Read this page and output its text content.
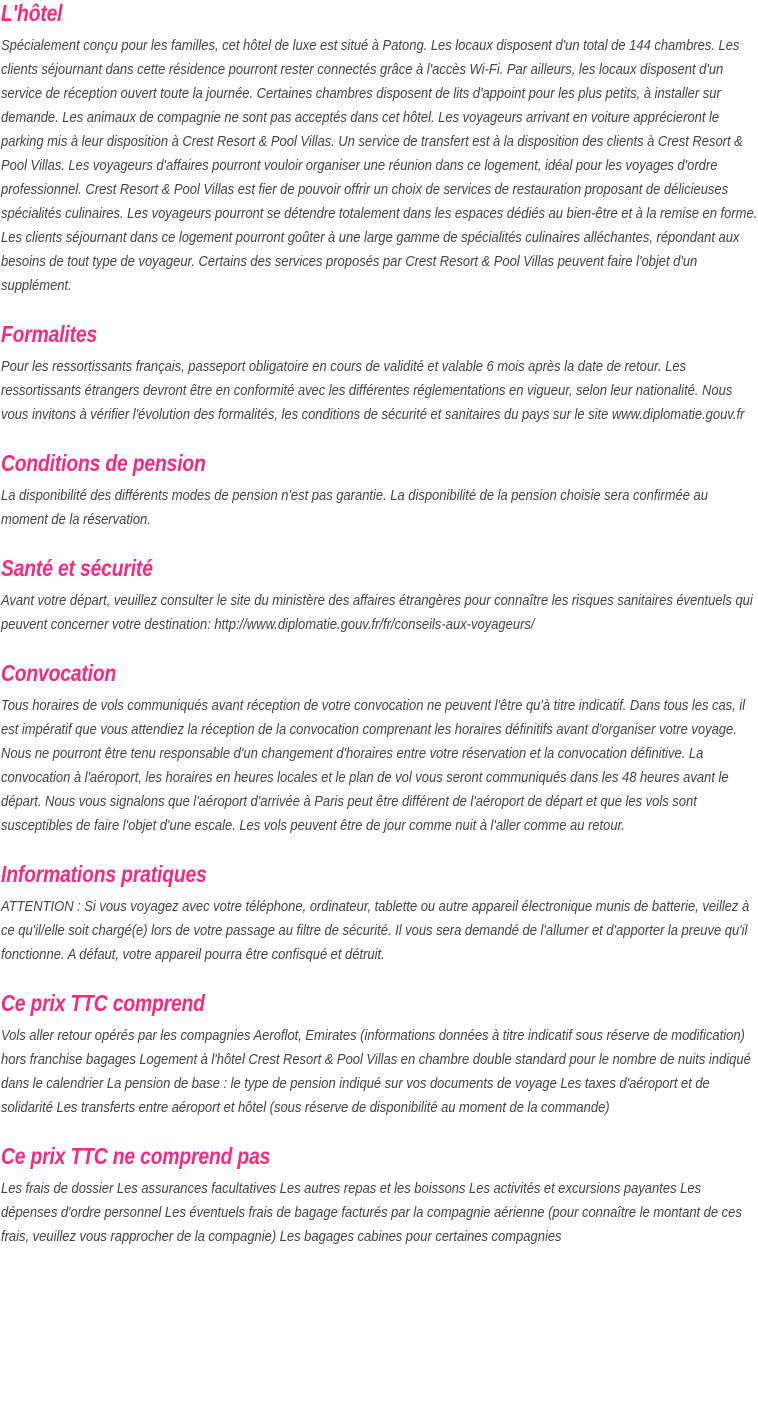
L'hôtel

Spécialement conçu pour les familles, cet hôtel de luxe est situé à Patong. Les locaux disposent d'un total de 144 chambres. Les clients séjournant dans cette résidence pourront rester connectés grâce à l'accès Wi-Fi. Par ailleurs, les locaux disposent d'un service de réception ouvert toute la journée. Certaines chambres disposent de lits d'appoint pour les plus petits, à installer sur demande. Les animaux de compagnie ne sont pas acceptés dans cet hôtel. Les voyageurs arrivant en voiture apprécieront le parking mis à leur disposition à Crest Resort & Pool Villas. Un service de transfert est à la disposition des clients à Crest Resort & Pool Villas. Les voyageurs d'affaires pourront vouloir organiser une réunion dans ce logement, idéal pour les voyages d'ordre professionnel. Crest Resort & Pool Villas est fier de pouvoir offrir un choix de services de restauration proposant de délicieuses spécialités culinaires. Les voyageurs pourront se détendre totalement dans les espaces dédiés au bien-être et à la remise en forme. Les clients séjournant dans ce logement pourront goûter à une large gamme de spécialités culinaires alléchantes, répondant aux besoins de tout type de voyageur. Certains des services proposés par Crest Resort & Pool Villas peuvent faire l'objet d'un supplément.

Formalites

Pour les ressortissants français, passeport obligatoire en cours de validité et valable 6 mois après la date de retour. Les ressortissants étrangers devront être en conformité avec les différentes réglementations en vigueur, selon leur nationalité. Nous vous invitons à vérifier l'évolution des formalités, les conditions de sécurité et sanitaires du pays sur le site www.diplomatie.gouv.fr

Conditions de pension

La disponibilité des différents modes de pension n'est pas garantie. La disponibilité de la pension choisie sera confirmée au moment de la réservation.

Santé et sécurité

Avant votre départ, veuillez consulter le site du ministère des affaires étrangères pour connaître les risques sanitaires éventuels qui peuvent concerner votre destination: http://www.diplomatie.gouv.fr/fr/conseils-aux-voyageurs/

Convocation

Tous horaires de vols communiqués avant réception de votre convocation ne peuvent l'être qu'à titre indicatif. Dans tous les cas, il est impératif que vous attendiez la réception de la convocation comprenant les horaires définitifs avant d'organiser votre voyage. Nous ne pourront être tenu responsable d'un changement d'horaires entre votre réservation et la convocation définitive. La convocation à l'aéroport, les horaires en heures locales et le plan de vol vous seront communiqués dans les 48 heures avant le départ. Nous vous signalons que l'aéroport d'arrivée à Paris peut être différent de l'aéroport de départ et que les vols sont susceptibles de faire l'objet d'une escale. Les vols peuvent être de jour comme nuit à l'aller comme au retour.

Informations pratiques

ATTENTION : Si vous voyagez avec votre téléphone, ordinateur, tablette ou autre appareil électronique munis de batterie, veillez à ce qu'il/elle soit chargé(e) lors de votre passage au filtre de sécurité. Il vous sera demandé de l'allumer et d'apporter la preuve qu'il fonctionne. A défaut, votre appareil pourra être confisqué et détruit.

Ce prix TTC comprend

Vols aller retour opérés par les compagnies Aeroflot, Emirates (informations données à titre indicatif sous réserve de modification) hors franchise bagages Logement à l'hôtel Crest Resort & Pool Villas en chambre double standard pour le nombre de nuits indiqué dans le calendrier La pension de base : le type de pension indiqué sur vos documents de voyage Les taxes d'aéroport et de solidarité Les transferts entre aéroport et hôtel (sous réserve de disponibilité au moment de la commande)

Ce prix TTC ne comprend pas

Les frais de dossier Les assurances facultatives Les autres repas et les boissons Les activités et excursions payantes Les dépenses d'ordre personnel Les éventuels frais de bagage facturés par la compagnie aérienne (pour connaître le montant de ces frais, veuillez vous rapprocher de la compagnie) Les bagages cabines pour certaines compagnies
